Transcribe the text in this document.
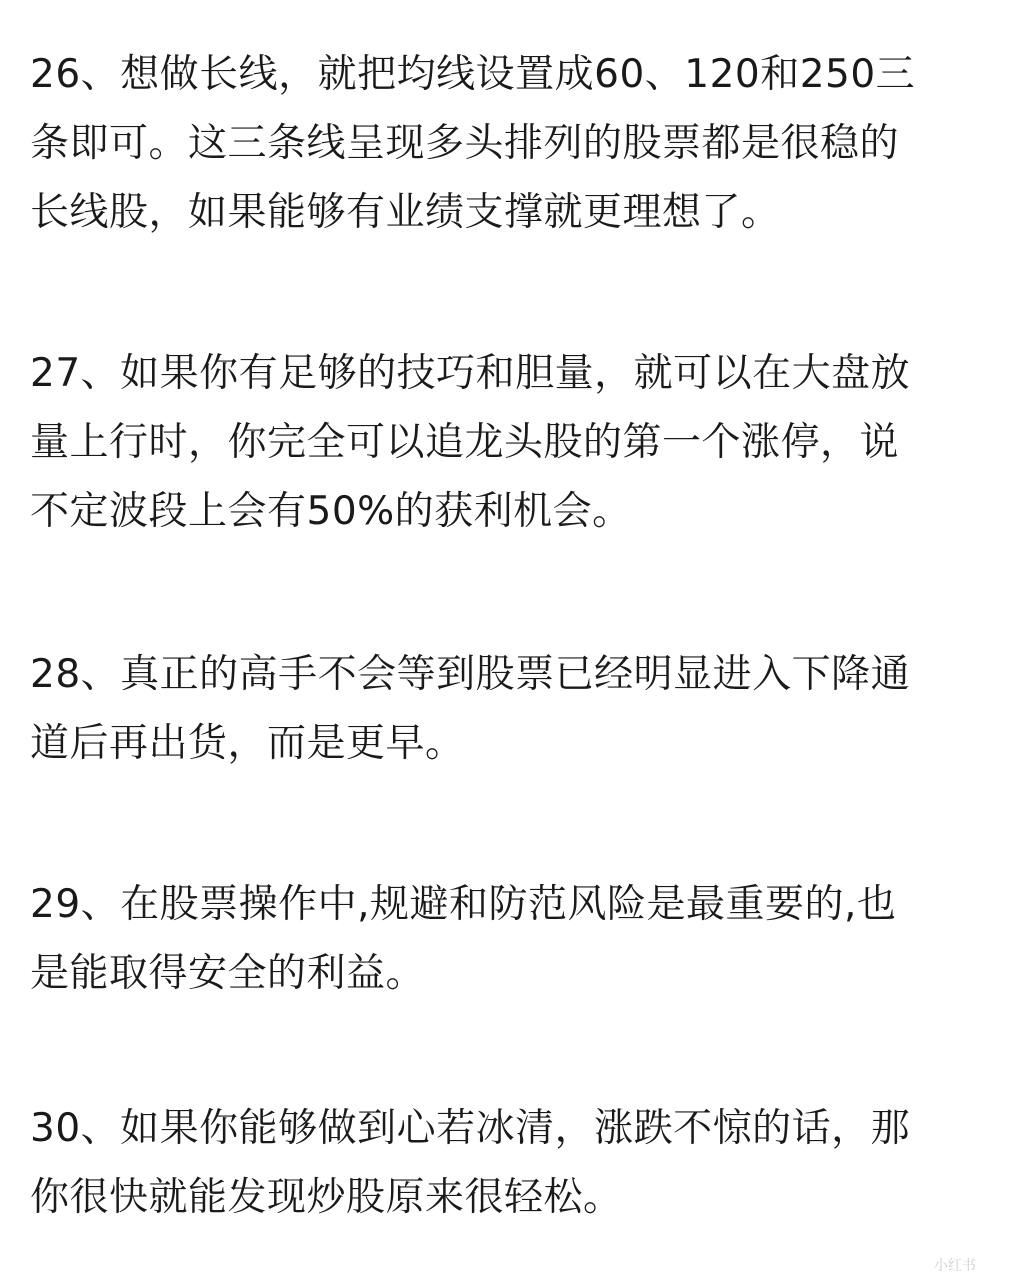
26、想做长线，就把均线设置成60、120和250三
条即可。这三条线呈现多头排列的股票都是很稳的
长线股，如果能够有业绩支撑就更理想了。

27、如果你有足够的技巧和胆量，就可以在大盘放
量上行时，你完全可以追龙头股的第一个涨停，说
不定波段上会有50%的获利机会。

28、真正的高手不会等到股票已经明显进入下降通
道后再出货，而是更早。

29、在股票操作中,规避和防范风险是最重要的,也
是能取得安全的利益。

30、如果你能够做到心若冰清，涨跌不惊的话，那
你很快就能发现炒股原来很轻松。

小红书
